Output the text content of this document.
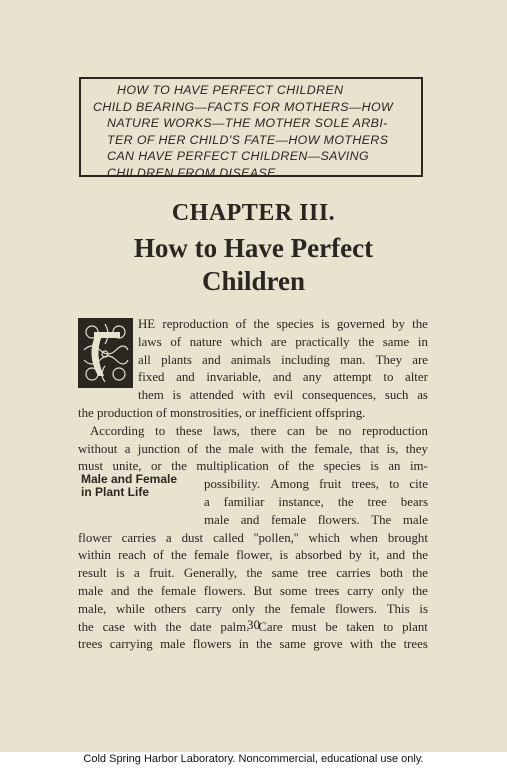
HOW TO HAVE PERFECT CHILDREN
CHILD BEARING—FACTS FOR MOTHERS—HOW
NATURE WORKS—THE MOTHER SOLE ARBI-
TER OF HER CHILD'S FATE—HOW MOTHERS
CAN HAVE PERFECT CHILDREN—SAVING
CHILDREN FROM DISEASE.
CHAPTER III.
How to Have Perfect
Children
HE reproduction of the species is governed by the
laws of nature which are practically the same in
all plants and animals including man. They are
fixed and invariable, and any attempt to alter
them is attended with evil consequences, such as
the production of monstrosities, or inefficient offspring.
According to these laws, there can be no reproduction
without a junction of the male with the female, that is, they
must unite, or the multiplication of the species is an im-
possibility. Among fruit trees, to cite
a familiar instance, the tree bears
male and female flowers. The male
flower carries a dust called ''pollen,'' which when brought
within reach of the female flower, is absorbed by it, and the
result is a fruit. Generally, the same tree carries both the
male and the female flowers. But some trees carry only the
male, while others carry only the female flowers. This is
the case with the date palm. Care must be taken to plant
trees carrying male flowers in the same grove with the trees
Male and Female
in Plant Life
30
Cold Spring Harbor Laboratory. Noncommercial, educational use only.
